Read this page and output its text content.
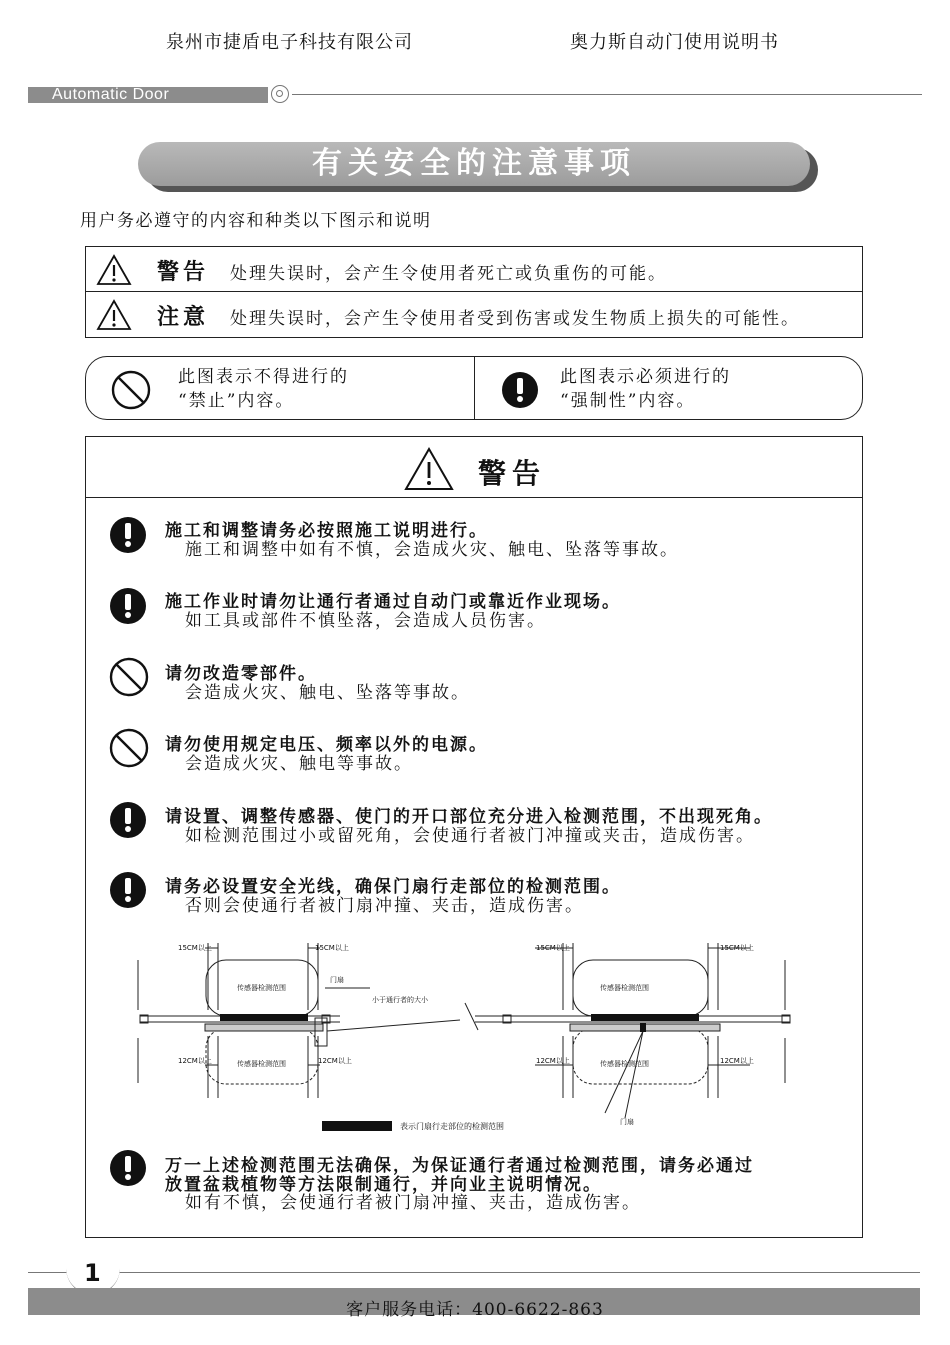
泉州市捷盾电子科技有限公司	奥力斯自动门使用说明书
Automatic Door
有关安全的注意事项
用户务必遵守的内容和种类以下图示和说明
警告 处理失误时，会产生令使用者死亡或负重伤的可能。
注意 处理失误时，会产生令使用者受到伤害或发生物质上损失的可能性。
此图表示不得进行的
“禁止”内容。
此图表示必须进行的
“强制性”内容。
警告
施工和调整请务必按照施工说明进行。
施工和调整中如有不慎，会造成火灾、触电、坠落等事故。
施工作业时请勿让通行者通过自动门或靠近作业现场。
如工具或部件不慎坠落，会造成人员伤害。
请勿改造零部件。
会造成火灾、触电、坠落等事故。
请勿使用规定电压、频率以外的电源。
会造成火灾、触电等事故。
请设置、调整传感器、使门的开口部位充分进入检测范围，不出现死角。
如检测范围过小或留死角，会使通行者被门冲撞或夹击，造成伤害。
请务必设置安全光线，确保门扇行走部位的检测范围。
否则会使通行者被门扇冲撞、夹击，造成伤害。
15CM以上	15CM以上
12CM以上	12CM以上
传感器检测范围
传感器检测范围
门扇
小于通行者的大小
15CM以上	15CM以上
12CM以上	12CM以上
传感器检测范围
传感器检测范围
门扇
表示门扇行走部位的检测范围
万一上述检测范围无法确保，为保证通行者通过检测范围，请务必通过
放置盆栽植物等方法限制通行，并向业主说明情况。
如有不慎，会使通行者被门扇冲撞、夹击，造成伤害。
1
客户服务电话：400-6622-863
